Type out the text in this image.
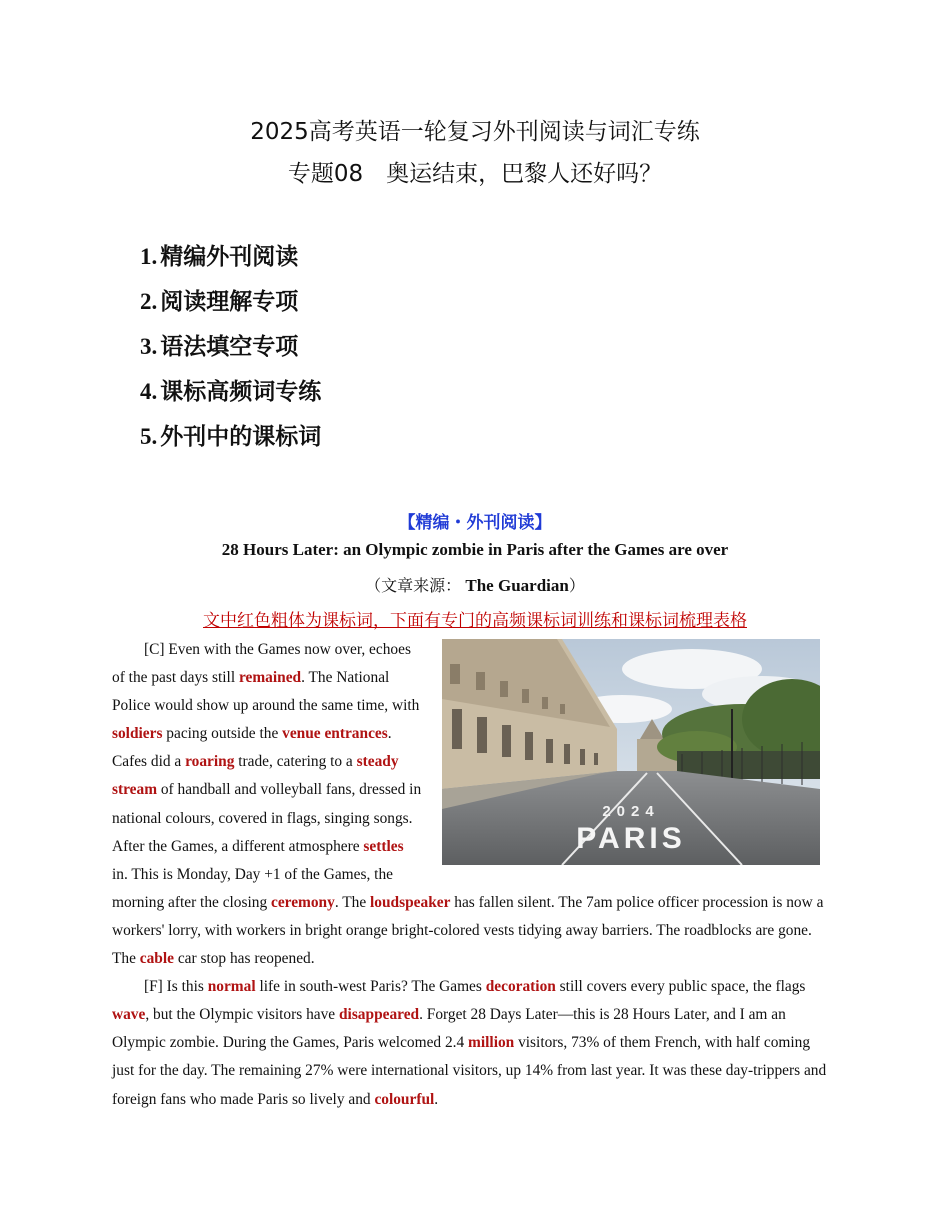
2025高考英语一轮复习外刊阅读与词汇专练
专题08　奥运结束，巴黎人还好吗？
1. 精编外刊阅读
2. 阅读理解专项
3. 语法填空专项
4. 课标高频词专练
5. 外刊中的课标词
【精编・外刊阅读】
28 Hours Later: an Olympic zombie in Paris after the Games are over
（文章来源： The Guardian）
文中红色粗体为课标词，下面有专门的高频课标词训练和课标词梳理表格
2024
PARIS

[C] Even with the Games now over, echoes of the past days still remained. The National Police would show up around the same time, with soldiers pacing outside the venue entrances. Cafes did a roaring trade, catering to a steady stream of handball and volleyball fans, dressed in national colours, covered in flags, singing songs. After the Games, a different atmosphere settles in. This is Monday, Day +1 of the Games, the morning after the closing ceremony. The loudspeaker has fallen silent. The 7am police officer procession is now a workers' lorry, with workers in bright orange bright-colored vests tidying away barriers. The roadblocks are gone. The cable car stop has reopened.

[F] Is this normal life in south-west Paris? The Games decoration still covers every public space, the flags wave, but the Olympic visitors have disappeared. Forget 28 Days Later—this is 28 Hours Later, and I am an Olympic zombie. During the Games, Paris welcomed 2.4 million visitors, 73% of them French, with half coming just for the day. The remaining 27% were international visitors, up 14% from last year. It was these day-trippers and foreign fans who made Paris so lively and colourful.
